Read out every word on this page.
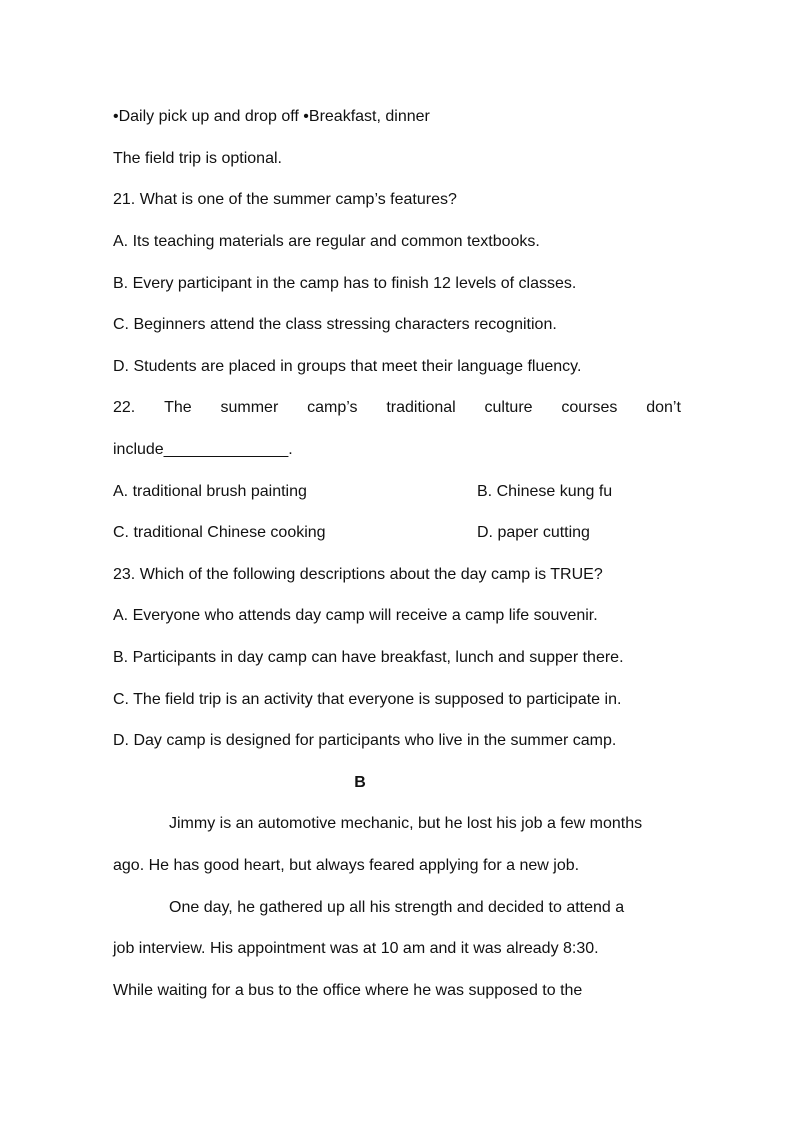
•Daily pick up and drop off •Breakfast, dinner
The field trip is optional.
21. What is one of the summer camp’s features?
A. Its teaching materials are regular and common textbooks.
B. Every participant in the camp has to finish 12 levels of classes.
C. Beginners attend the class stressing characters recognition.
D. Students are placed in groups that meet their language fluency.
22. The summer camp’s traditional culture courses don’t
include______________.
A. traditional brush painting	B. Chinese kung fu
C. traditional Chinese cooking	D. paper cutting
23. Which of the following descriptions about the day camp is TRUE?
A. Everyone who attends day camp will receive a camp life souvenir.
B. Participants in day camp can have breakfast, lunch and supper there.
C. The field trip is an activity that everyone is supposed to participate in.
D. Day camp is designed for participants who live in the summer camp.
B
Jimmy is an automotive mechanic, but he lost his job a few months
ago. He has good heart, but always feared applying for a new job.
One day, he gathered up all his strength and decided to attend a
job interview. His appointment was at 10 am and it was already 8:30.
While waiting for a bus to the office where he was supposed to the
